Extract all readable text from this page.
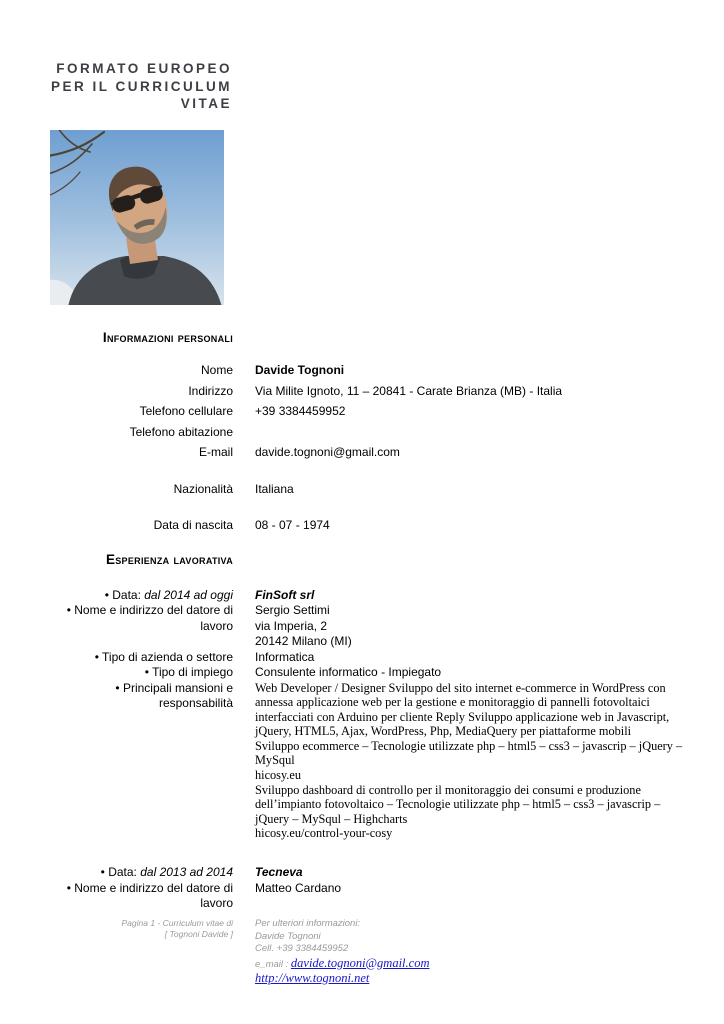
FORMATO EUROPEO
PER IL CURRICULUM
VITAE
Informazioni personali
Nome Davide Tognoni
Indirizzo Via Milite Ignoto, 11 – 20841 - Carate Brianza (MB) - Italia
Telefono cellulare +39 3384459952
Telefono abitazione
E-mail davide.tognoni@gmail.com
Nazionalità Italiana
Data di nascita 08 - 07 - 1974
Esperienza lavorativa
• Data: dal 2014 ad oggi FinSoft srl
• Nome e indirizzo del datore di lavoro
Sergio Settimi
via Imperia, 2
20142 Milano (MI)
• Tipo di azienda o settore Informatica
• Tipo di impiego Consulente informatico - Impiegato
• Principali mansioni e responsabilità

Web Developer / Designer Sviluppo del sito internet e-commerce in WordPress con annessa applicazione web per la gestione e monitoraggio di pannelli fotovoltaici interfacciati con Arduino per cliente Reply Sviluppo applicazione web in Javascript, jQuery, HTML5, Ajax, WordPress, Php, MediaQuery per piattaforme mobili

Sviluppo ecommerce – Tecnologie utilizzate php – html5 – css3 – javascrip – jQuery – MySqul

hicosy.eu

Sviluppo dashboard di controllo per il monitoraggio dei consumi e produzione dell’impianto fotovoltaico – Tecnologie utilizzate php – html5 – css3 – javascrip – jQuery – MySqul – Highcharts

hicosy.eu/control-your-cosy

• Data: dal 2013 ad 2014 Tecneva
• Nome e indirizzo del datore di lavoro
Matteo Cardano
Pagina 1 - Curriculum vitae di
[ Tognoni Davide ]
Per ulteriori informazioni:
Davide Tognoni
Cell. +39 3384459952
e_mail : davide.tognoni@gmail.com
http://www.tognoni.net
